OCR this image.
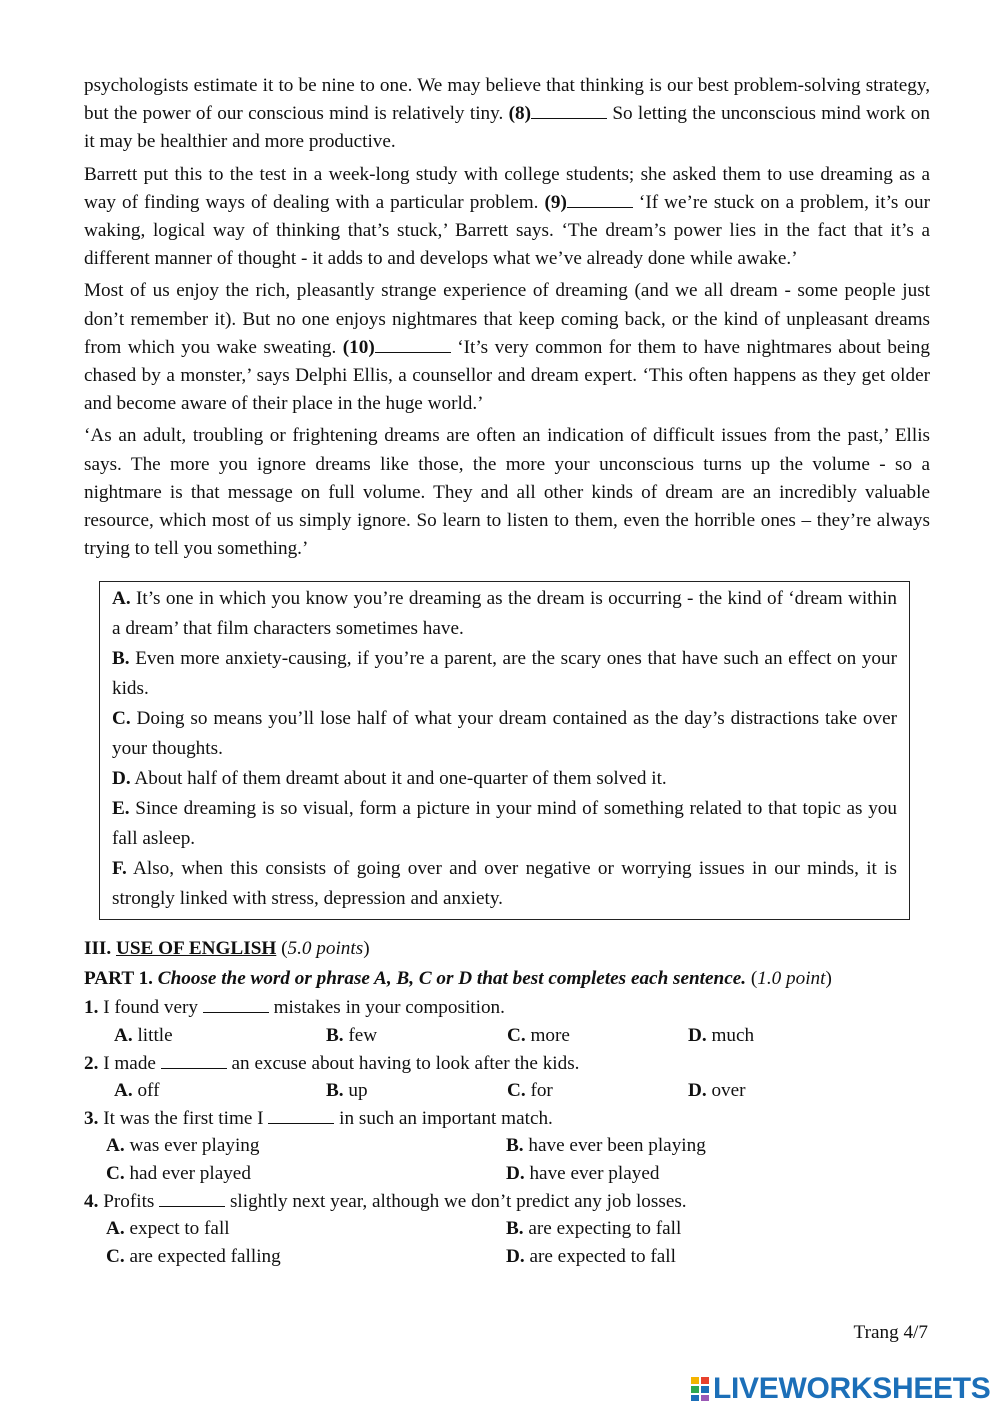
psychologists estimate it to be nine to one. We may believe that thinking is our best problem-solving strategy, but the power of our conscious mind is relatively tiny. (8)	So letting the unconscious mind work on it may be healthier and more productive.

Barrett put this to the test in a week-long study with college students; she asked them to use dreaming as a way of finding ways of dealing with a particular problem. (9)	‘If we’re stuck on a problem, it’s our waking, logical way of thinking that’s stuck,’ Barrett says. ‘The dream’s power lies in the fact that it’s a different manner of thought - it adds to and develops what we’ve already done while awake.’

Most of us enjoy the rich, pleasantly strange experience of dreaming (and we all dream - some people just don’t remember it). But no one enjoys nightmares that keep coming back, or the kind of unpleasant dreams from which you wake sweating. (10)	‘It’s very common for them to have nightmares about being chased by a monster,’ says Delphi Ellis, a counsellor and dream expert. ‘This often happens as they get older and become aware of their place in the huge world.’

‘As an adult, troubling or frightening dreams are often an indication of difficult issues from the past,’ Ellis says. The more you ignore dreams like those, the more your unconscious turns up the volume - so a nightmare is that message on full volume. They and all other kinds of dream are an incredibly valuable resource, which most of us simply ignore. So learn to listen to them, even the horrible ones – they’re always trying to tell you something.’

A. It’s one in which you know you’re dreaming as the dream is occurring - the kind of ‘dream within a dream’ that film characters sometimes have.

B. Even more anxiety-causing, if you’re a parent, are the scary ones that have such an effect on your kids.

C. Doing so means you’ll lose half of what your dream contained as the day’s distractions take over your thoughts.

D. About half of them dreamt about it and one-quarter of them solved it.

E. Since dreaming is so visual, form a picture in your mind of something related to that topic as you fall asleep.

F. Also, when this consists of going over and over negative or worrying issues in our minds, it is strongly linked with stress, depression and anxiety.

III. USE OF ENGLISH (5.0 points)

PART 1. Choose the word or phrase A, B, C or D that best completes each sentence. (1.0 point)

1. I found very	mistakes in your composition.

A. little	B. few	C. more	D. much

2. I made	an excuse about having to look after the kids.

A. off	B. up	C. for	D. over

3. It was the first time I	in such an important match.

A. was ever playing	B. have ever been playing
C. had ever played	D. have ever played

4. Profits	slightly next year, although we don’t predict any job losses.

A. expect to fall	B. are expecting to fall
C. are expected falling	D. are expected to fall
Trang 4/7
LIVEWORKSHEETS
